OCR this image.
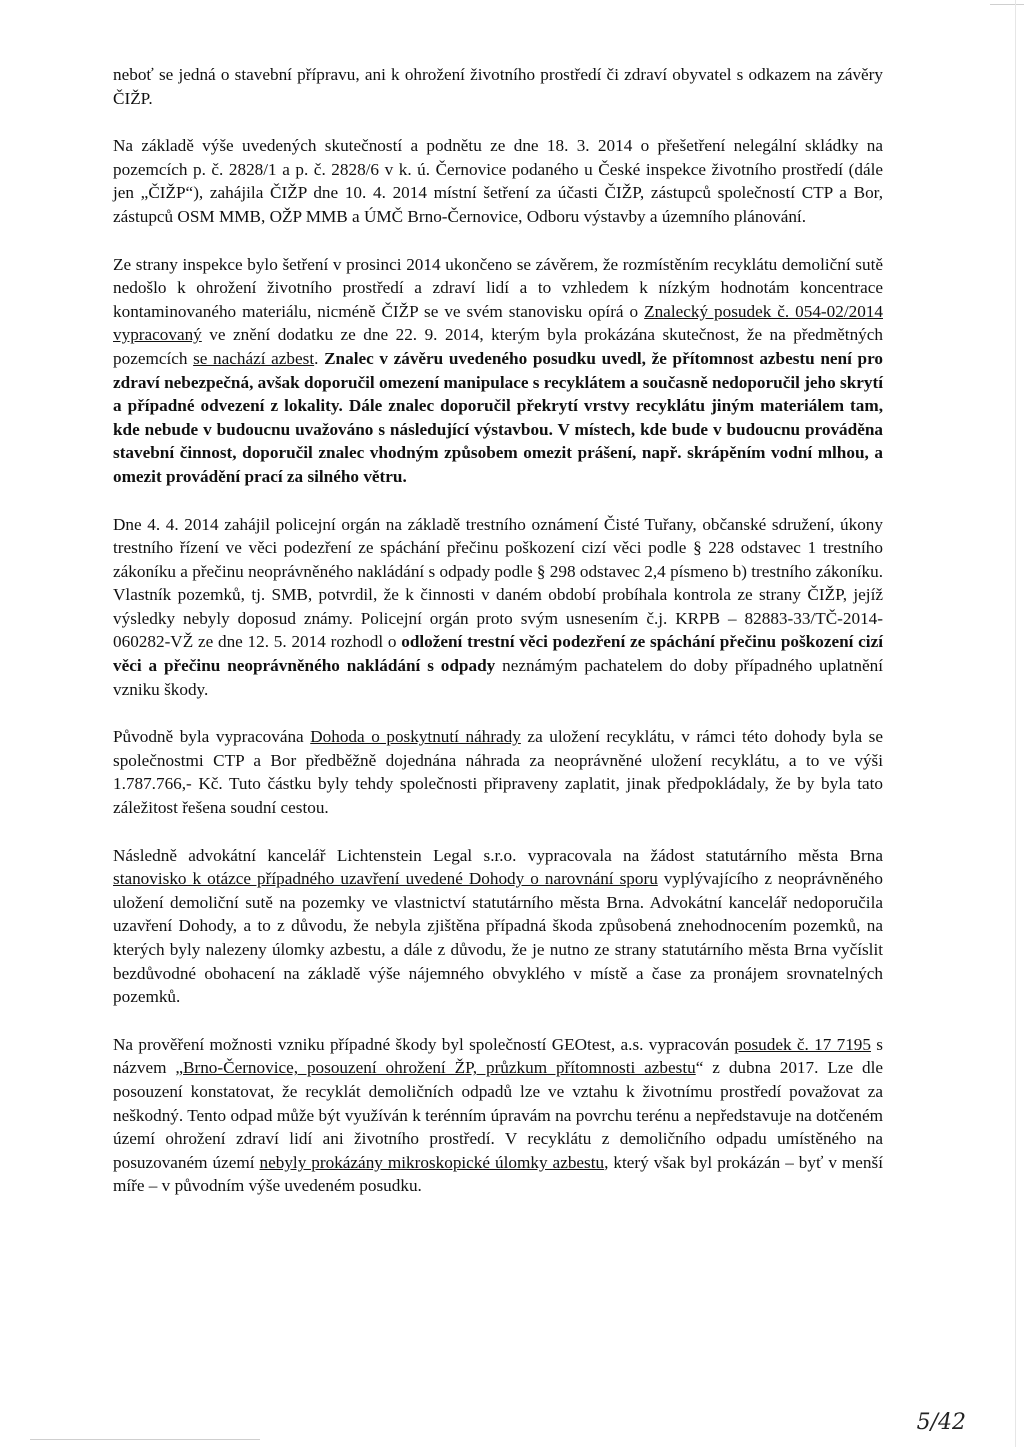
neboť se jedná o stavební přípravu, ani k ohrožení životního prostředí či zdraví obyvatel s odkazem na závěry ČIŽP.

Na základě výše uvedených skutečností a podnětu ze dne 18. 3. 2014 o přešetření nelegální skládky na pozemcích p. č. 2828/1 a p. č. 2828/6 v k. ú. Černovice podaného u České inspekce životního prostředí (dále jen „ČIŽP“), zahájila ČIŽP dne 10. 4. 2014 místní šetření za účasti ČIŽP, zástupců společností CTP a Bor, zástupců OSM MMB, OŽP MMB a ÚMČ Brno-Černovice, Odboru výstavby a územního plánování.

Ze strany inspekce bylo šetření v prosinci 2014 ukončeno se závěrem, že rozmístěním recyklátu demoliční sutě nedošlo k ohrožení životního prostředí a zdraví lidí a to vzhledem k nízkým hodnotám koncentrace kontaminovaného materiálu, nicméně ČIŽP se ve svém stanovisku opírá o Znalecký posudek č. 054-02/2014 vypracovaný ve znění dodatku ze dne 22. 9. 2014, kterým byla prokázána skutečnost, že na předmětných pozemcích se nachází azbest. Znalec v závěru uvedeného posudku uvedl, že přítomnost azbestu není pro zdraví nebezpečná, avšak doporučil omezení manipulace s recyklátem a současně nedoporučil jeho skrytí a případné odvezení z lokality. Dále znalec doporučil překrytí vrstvy recyklátu jiným materiálem tam, kde nebude v budoucnu uvažováno s následující výstavbou. V místech, kde bude v budoucnu prováděna stavební činnost, doporučil znalec vhodným způsobem omezit prášení, např. skrápěním vodní mlhou, a omezit provádění prací za silného větru.

Dne 4. 4. 2014 zahájil policejní orgán na základě trestního oznámení Čisté Tuřany, občanské sdružení, úkony trestního řízení ve věci podezření ze spáchání přečinu poškození cizí věci podle § 228 odstavec 1 trestního zákoníku a přečinu neoprávněného nakládání s odpady podle § 298 odstavec 2,4 písmeno b) trestního zákoníku. Vlastník pozemků, tj. SMB, potvrdil, že k činnosti v daném období probíhala kontrola ze strany ČIŽP, jejíž výsledky nebyly doposud známy. Policejní orgán proto svým usnesením č.j. KRPB – 82883-33/TČ-2014-060282-VŽ ze dne 12. 5. 2014 rozhodl o odložení trestní věci podezření ze spáchání přečinu poškození cizí věci a přečinu neoprávněného nakládání s odpady neznámým pachatelem do doby případného uplatnění vzniku škody.

Původně byla vypracována Dohoda o poskytnutí náhrady za uložení recyklátu, v rámci této dohody byla se společnostmi CTP a Bor předběžně dojednána náhrada za neoprávněné uložení recyklátu, a to ve výši 1.787.766,- Kč. Tuto částku byly tehdy společnosti připraveny zaplatit, jinak předpokládaly, že by byla tato záležitost řešena soudní cestou.

Následně advokátní kancelář Lichtenstein Legal s.r.o. vypracovala na žádost statutárního města Brna stanovisko k otázce případného uzavření uvedené Dohody o narovnání sporu vyplývajícího z neoprávněného uložení demoliční sutě na pozemky ve vlastnictví statutárního města Brna. Advokátní kancelář nedoporučila uzavření Dohody, a to z důvodu, že nebyla zjištěna případná škoda způsobená znehodnocením pozemků, na kterých byly nalezeny úlomky azbestu, a dále z důvodu, že je nutno ze strany statutárního města Brna vyčíslit bezdůvodné obohacení na základě výše nájemného obvyklého v místě a čase za pronájem srovnatelných pozemků.

Na prověření možnosti vzniku případné škody byl společností GEOtest, a.s. vypracován posudek č. 17 7195 s názvem „Brno-Černovice, posouzení ohrožení ŽP, průzkum přítomnosti azbestu“ z dubna 2017. Lze dle posouzení konstatovat, že recyklát demoličních odpadů lze ve vztahu k životnímu prostředí považovat za neškodný. Tento odpad může být využíván k terénním úpravám na povrchu terénu a nepředstavuje na dotčeném území ohrožení zdraví lidí ani životního prostředí. V recyklátu z demoličního odpadu umístěného na posuzovaném území nebyly prokázány mikroskopické úlomky azbestu, který však byl prokázán – byť v menší míře – v původním výše uvedeném posudku.

5/42
